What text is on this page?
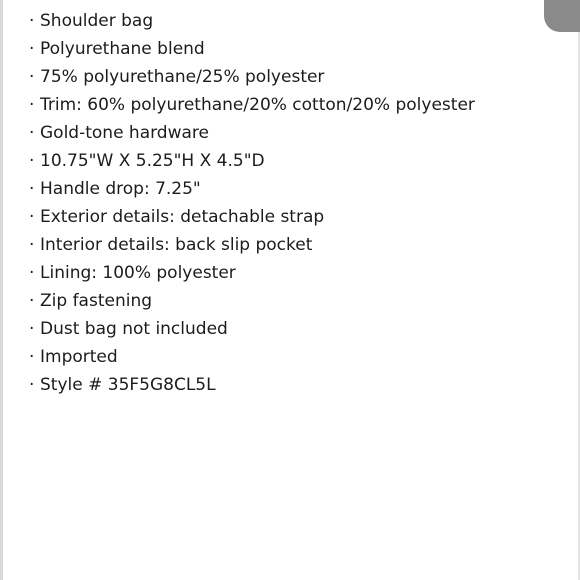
· Shoulder bag
· Polyurethane blend
· 75% polyurethane/25% polyester
· Trim: 60% polyurethane/20% cotton/20% polyester
· Gold-tone hardware
· 10.75"W X 5.25"H X 4.5"D
· Handle drop: 7.25"
· Exterior details: detachable strap
· Interior details: back slip pocket
· Lining: 100% polyester
· Zip fastening
· Dust bag not included
· Imported
· Style # 35F5G8CL5L
